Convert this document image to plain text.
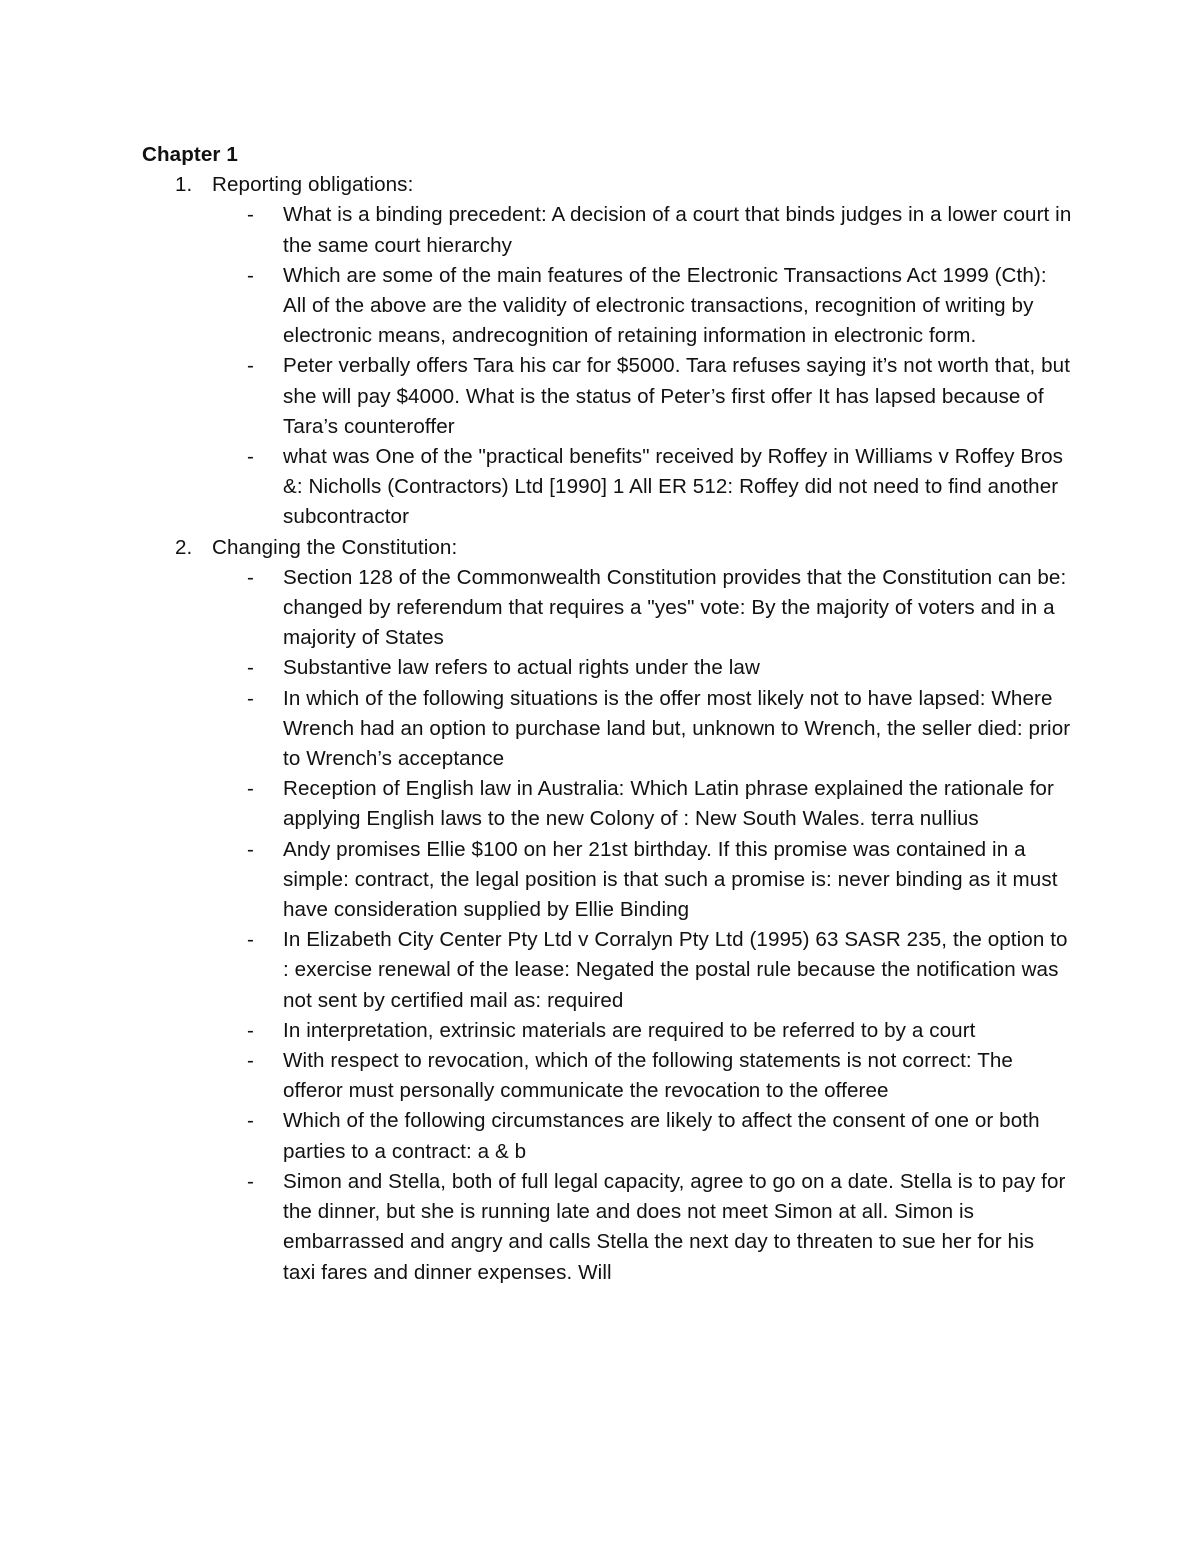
Chapter 1
1. Reporting obligations:
- What is a binding precedent: A decision of a court that binds judges in a lower court in the same court hierarchy
- Which are some of the main features of the Electronic Transactions Act 1999 (Cth): All of the above are the validity of electronic transactions, recognition of writing by electronic means, andrecognition of retaining information in electronic form.
- Peter verbally offers Tara his car for $5000. Tara refuses saying it’s not worth that, but she will pay $4000. What is the status of Peter’s first offer It has lapsed because of Tara’s counteroffer
- what was One of the "practical benefits" received by Roffey in Williams v Roffey Bros &: Nicholls (Contractors) Ltd [1990] 1 All ER 512: Roffey did not need to find another subcontractor
2. Changing the Constitution:
- Section 128 of the Commonwealth Constitution provides that the Constitution can be: changed by referendum that requires a "yes" vote: By the majority of voters and in a majority of States
- Substantive law refers to actual rights under the law
- In which of the following situations is the offer most likely not to have lapsed: Where Wrench had an option to purchase land but, unknown to Wrench, the seller died: prior to Wrench’s acceptance
- Reception of English law in Australia: Which Latin phrase explained the rationale for applying English laws to the new Colony of : New South Wales. terra nullius
- Andy promises Ellie $100 on her 21st birthday. If this promise was contained in a simple: contract, the legal position is that such a promise is: never binding as it must have consideration supplied by Ellie Binding
- In Elizabeth City Center Pty Ltd v Corralyn Pty Ltd (1995) 63 SASR 235, the option to : exercise renewal of the lease: Negated the postal rule because the notification was not sent by certified mail as: required
- In interpretation, extrinsic materials are required to be referred to by a court
- With respect to revocation, which of the following statements is not correct: The offeror must personally communicate the revocation to the offeree
- Which of the following circumstances are likely to affect the consent of one or both parties to a contract: a & b
- Simon and Stella, both of full legal capacity, agree to go on a date. Stella is to pay for the dinner, but she is running late and does not meet Simon at all. Simon is embarrassed and angry and calls Stella the next day to threaten to sue her for his taxi fares and dinner expenses. Will
